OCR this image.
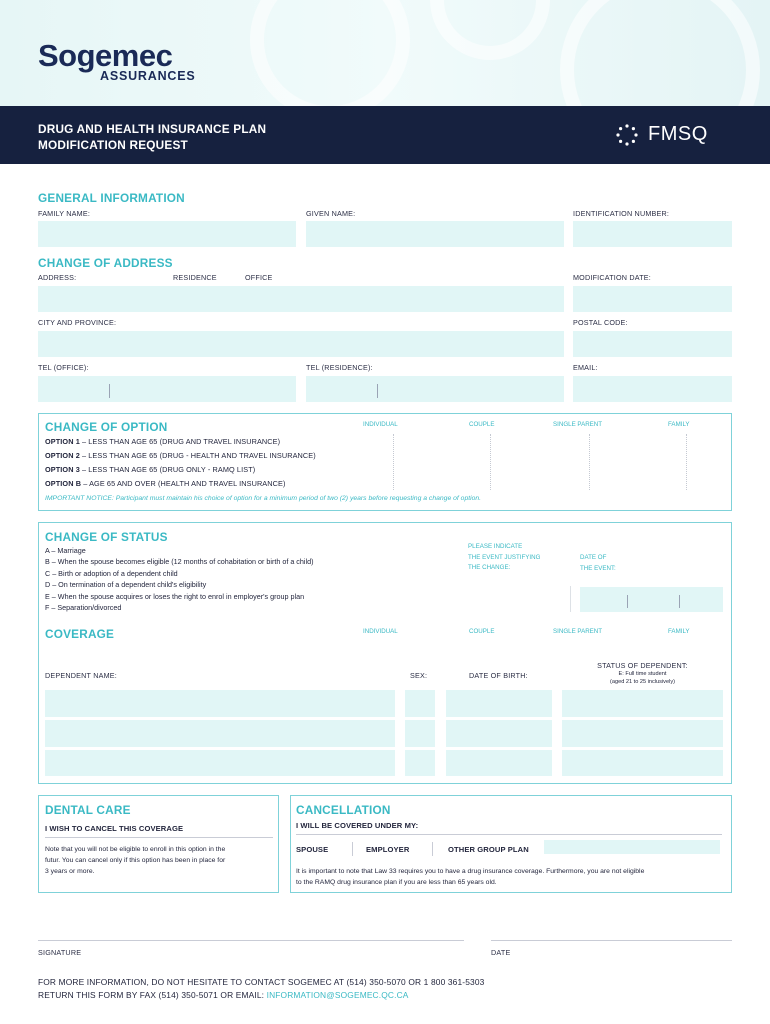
Sogemec
ASSURANCES
DRUG AND HEALTH INSURANCE PLAN
MODIFICATION REQUEST	FMSQ
GENERAL INFORMATION
FAMILY NAME:	GIVEN NAME:	IDENTIFICATION NUMBER:
CHANGE OF ADDRESS
ADDRESS:	RESIDENCE	OFFICE	MODIFICATION DATE:
CITY AND PROVINCE:	POSTAL CODE:
TEL (OFFICE):	TEL (RESIDENCE):	EMAIL:
CHANGE OF OPTION	INDIVIDUAL	COUPLE	SINGLE PARENT	FAMILY
OPTION 1 – LESS THAN AGE 65 (DRUG AND TRAVEL INSURANCE)
OPTION 2 – LESS THAN AGE 65 (DRUG - HEALTH AND TRAVEL INSURANCE)
OPTION 3 – LESS THAN AGE 65 (DRUG ONLY - RAMQ LIST)
OPTION B – AGE 65 AND OVER (HEALTH AND TRAVEL INSURANCE)
IMPORTANT NOTICE: Participant must maintain his choice of option for a minimum period of two (2) years before requesting a change of option.
CHANGE OF STATUS
A – Marriage
B – When the spouse becomes eligible (12 months of cohabitation or birth of a child)
C – Birth or adoption of a dependent child
D – On termination of a dependent child's eligibility
E – When the spouse acquires or loses the right to enrol in employer's group plan
F – Separation/divorced
PLEASE INDICATE
THE EVENT JUSTIFYING
THE CHANGE:
DATE OF
THE EVENT:
COVERAGE	INDIVIDUAL	COUPLE	SINGLE PARENT	FAMILY
DEPENDENT NAME:	SEX:	DATE OF BIRTH:
STATUS OF DEPENDENT:
E: Full time student
(aged 21 to 25 inclusively)
DENTAL CARE
I WISH TO CANCEL THIS COVERAGE
Note that you will not be eligible to enroll in this option in the
futur. You can cancel only if this option has been in place for
3 years or more.
CANCELLATION
I WILL BE COVERED UNDER MY:
SPOUSE	EMPLOYER	OTHER GROUP PLAN
It is important to note that Law 33 requires you to have a drug insurance coverage. Furthermore, you are not eligible
to the RAMQ drug insurance plan if you are less than 65 years old.
SIGNATURE	DATE
FOR MORE INFORMATION, DO NOT HESITATE TO CONTACT SOGEMEC AT (514) 350-5070 OR 1 800 361-5303
RETURN THIS FORM BY FAX (514) 350-5071 OR EMAIL: INFORMATION@SOGEMEC.QC.CA
